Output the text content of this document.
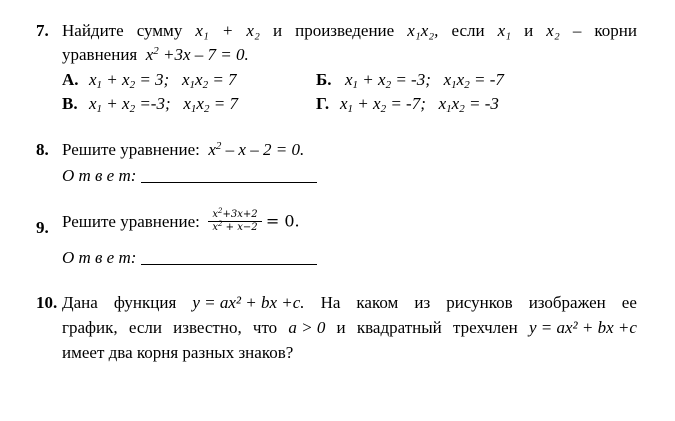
7. Найдите сумму x₁ + x₂ и произведение x₁x₂, если x₁ и x₂ – корни
уравнения  $x^2 +3x - 7 = 0$.
А. $x_1 + x_2 = 3$;   $x_1x_2 = 7$	Б. $x_1 + x_2 = -3$;   $x_1x_2 = -7$
В. $x_1 + x_2 =-3$;   $x_1x_2 = 7$	Г. $x_1 + x_2 = -7$;   $x_1x_2 = -3$
8. Решите уравнение: $x^2 - x - 2 = 0$.
О т в е т:
9. Решите уравнение: $\frac{x^2+3x+2}{x^2 + x-2} = 0$.
О т в е т:
10. Дана функция y = ax² + bx +c. На каком из рисунков изображен ее
график, если известно, что a > 0 и квадратный трехчлен y = ax² + bx +c
имеет два корня разных знаков?
